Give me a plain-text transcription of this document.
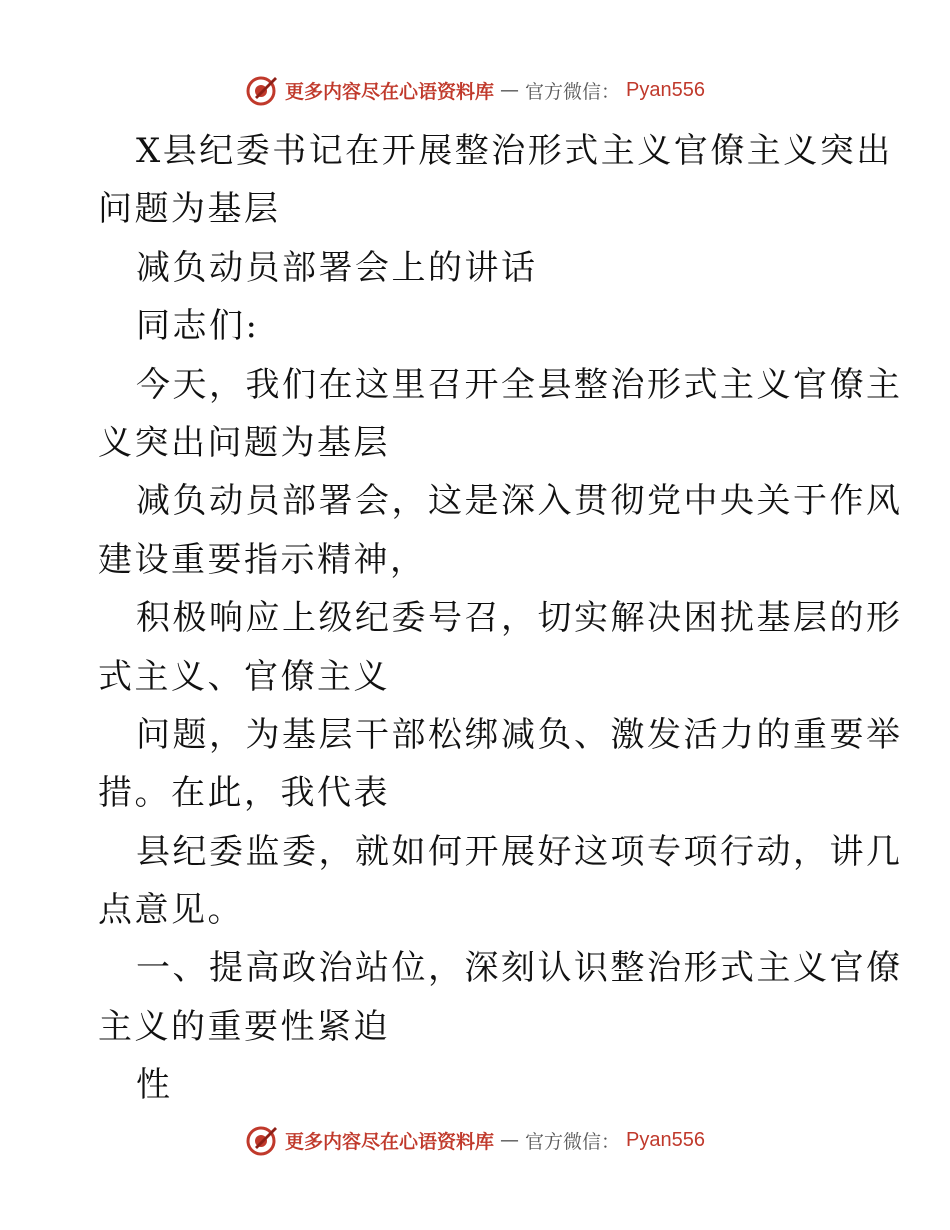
更多内容尽在心语资料库 — 官方微信： Pyan556
X县纪委书记在开展整治形式主义官僚主义突出
问题为基层
减负动员部署会上的讲话
同志们:
今天，我们在这里召开全县整治形式主义官僚主
义突出问题为基层
减负动员部署会，这是深入贯彻党中央关于作风
建设重要指示精神，
积极响应上级纪委号召，切实解决困扰基层的形
式主义、官僚主义
问题，为基层干部松绑减负、激发活力的重要举
措。在此，我代表
县纪委监委，就如何开展好这项专项行动，讲几
点意见。
一、提高政治站位，深刻认识整治形式主义官僚
主义的重要性紧迫
性
更多内容尽在心语资料库 — 官方微信： Pyan556
